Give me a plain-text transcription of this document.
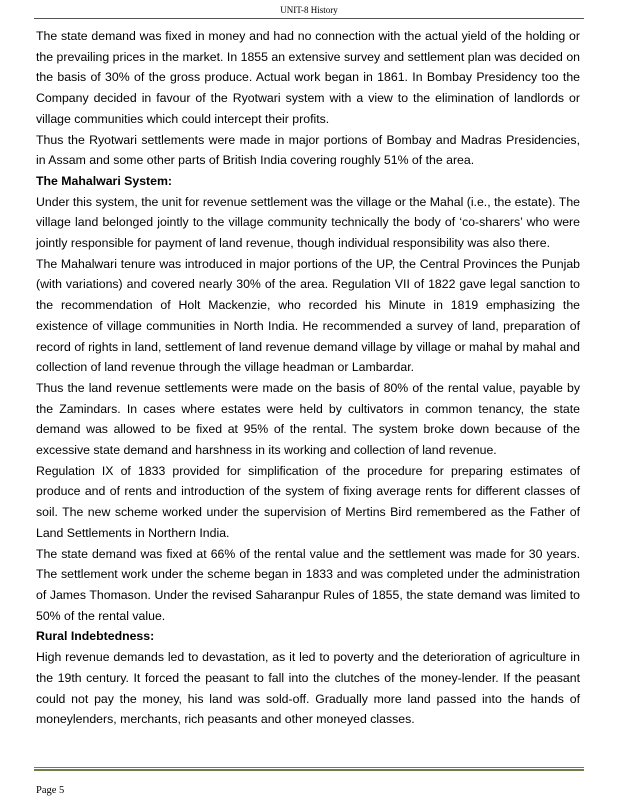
UNIT-8 History

The state demand was fixed in money and had no connection with the actual yield of the holding or the prevailing prices in the market. In 1855 an extensive survey and settlement plan was decided on the basis of 30% of the gross produce. Actual work began in 1861. In Bombay Presidency too the Company decided in favour of the Ryotwari system with a view to the elimination of landlords or village communities which could intercept their profits.

Thus the Ryotwari settlements were made in major portions of Bombay and Madras Presidencies, in Assam and some other parts of British India covering roughly 51% of the area.

The Mahalwari System:

Under this system, the unit for revenue settlement was the village or the Mahal (i.e., the estate). The village land belonged jointly to the village community technically the body of ‘co-sharers’ who were jointly responsible for payment of land revenue, though individual responsibility was also there.

The Mahalwari tenure was introduced in major portions of the UP, the Central Provinces the Punjab (with variations) and covered nearly 30% of the area. Regulation VII of 1822 gave legal sanction to the recommendation of Holt Mackenzie, who recorded his Minute in 1819 emphasizing the existence of village communities in North India. He recommended a survey of land, preparation of record of rights in land, settlement of land revenue demand village by village or mahal by mahal and collection of land revenue through the village headman or Lambardar.

Thus the land revenue settlements were made on the basis of 80% of the rental value, payable by the Zamindars. In cases where estates were held by cultivators in common tenancy, the state demand was allowed to be fixed at 95% of the rental. The system broke down because of the excessive state demand and harshness in its working and collection of land revenue.

Regulation IX of 1833 provided for simplification of the procedure for preparing estimates of produce and of rents and introduction of the system of fixing average rents for different classes of soil. The new scheme worked under the supervision of Mertins Bird remembered as the Father of Land Settlements in Northern India.

The state demand was fixed at 66% of the rental value and the settlement was made for 30 years. The settlement work under the scheme began in 1833 and was completed under the administration of James Thomason. Under the revised Saharanpur Rules of 1855, the state demand was limited to 50% of the rental value.

Rural Indebtedness:

High revenue demands led to devastation, as it led to poverty and the deterioration of agriculture in the 19th century. It forced the peasant to fall into the clutches of the money-lender. If the peasant could not pay the money, his land was sold-off. Gradually more land passed into the hands of moneylenders, merchants, rich peasants and other moneyed classes.

Page 5
